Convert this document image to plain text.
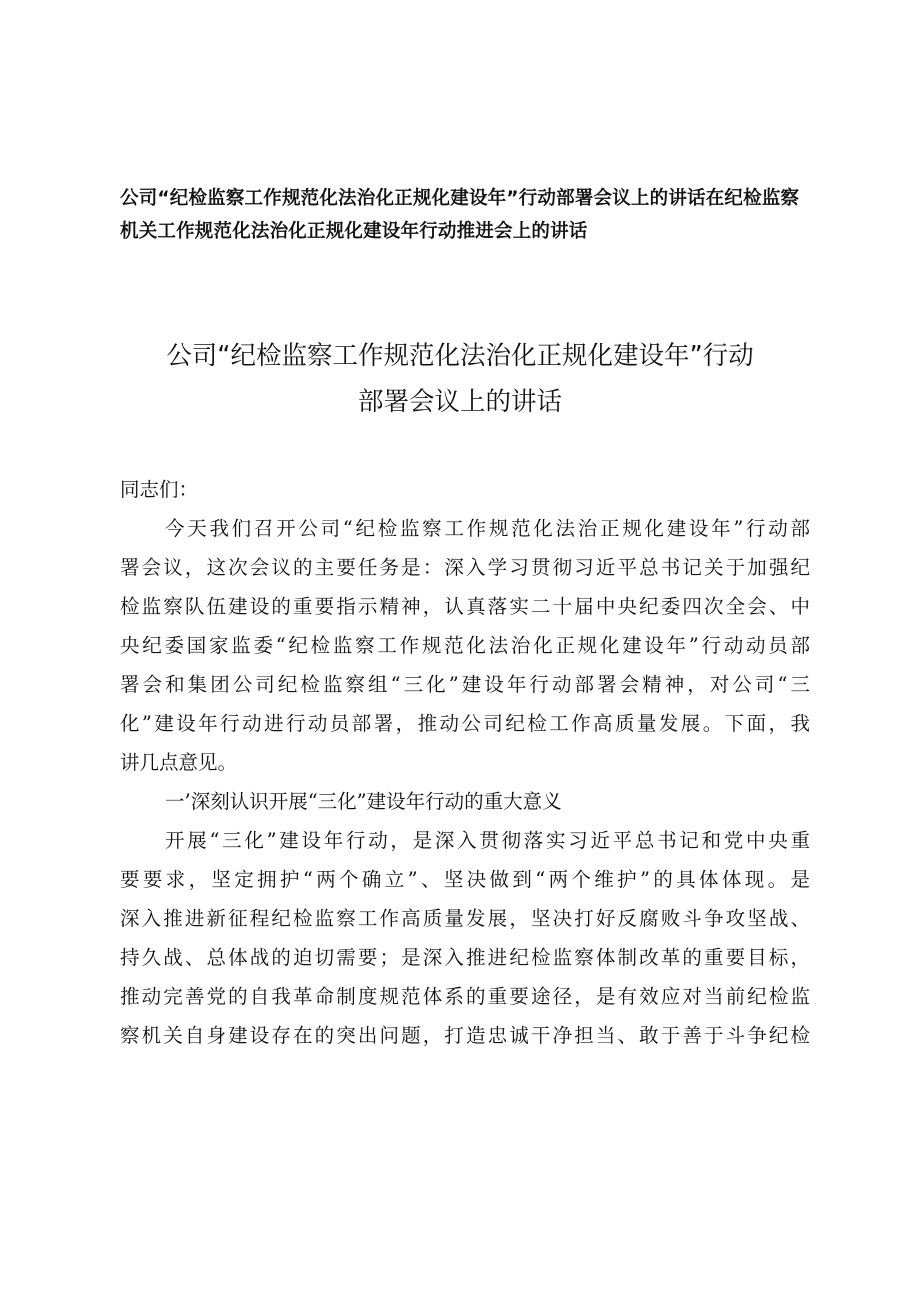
公司“纪检监察工作规范化法治化正规化建设年”行动部署会议上的讲话在纪检监察
机关工作规范化法治化正规化建设年行动推进会上的讲话
公司“纪检监察工作规范化法治化正规化建设年”行动
部署会议上的讲话
同志们：
今天我们召开公司“纪检监察工作规范化法治正规化建设年”行动部
署会议，这次会议的主要任务是：深入学习贯彻习近平总书记关于加强纪
检监察队伍建设的重要指示精神，认真落实二十届中央纪委四次全会、中
央纪委国家监委“纪检监察工作规范化法治化正规化建设年”行动动员部
署会和集团公司纪检监察组“三化”建设年行动部署会精神，对公司“三
化”建设年行动进行动员部署，推动公司纪检工作高质量发展。下面，我
讲几点意见。
一’深刻认识开展“三化”建设年行动的重大意义
开展“三化”建设年行动，是深入贯彻落实习近平总书记和党中央重
要要求，坚定拥护“两个确立”、坚决做到“两个维护”的具体体现。是
深入推进新征程纪检监察工作高质量发展，坚决打好反腐败斗争攻坚战、
持久战、总体战的迫切需要；是深入推进纪检监察体制改革的重要目标，
推动完善党的自我革命制度规范体系的重要途径，是有效应对当前纪检监
察机关自身建设存在的突出问题，打造忠诚干净担当、敢于善于斗争纪检
